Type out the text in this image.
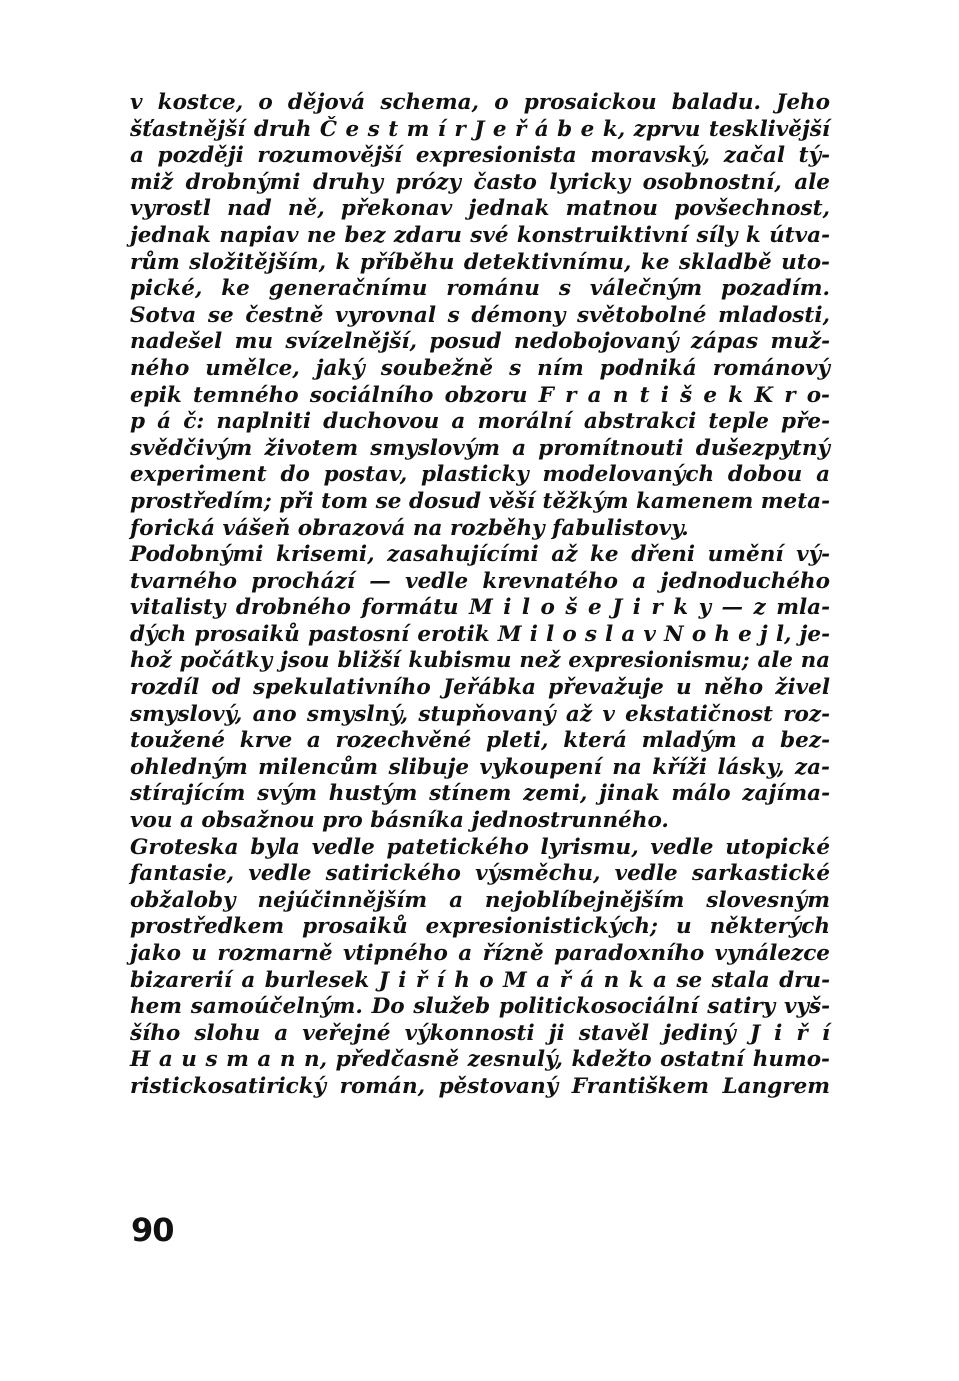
v kostce, o dějová schema, o prosaickou baladu. Jeho
šťastnější druh Č e s t m í r J e ř á b e k, zprvu tesklivější
a později rozumovější expresionista moravský, začal tý-
miž drobnými druhy prózy často lyricky osobnostní, ale
vyrostl nad ně, překonav jednak matnou povšechnost,
jednak napiav ne bez zdaru své konstruiktivní síly k útva-
rům složitějším, k příběhu detektivnímu, ke skladbě uto-
pické, ke generačnímu románu s válečným pozadím.
Sotva se čestně vyrovnal s démony světobolné mladosti,
nadešel mu svízelnější, posud nedobojovaný zápas muž-
ného umělce, jaký soubežně s ním podniká románový
epik temného sociálního obzoru F r a n t i š e k K r o-
p á č: naplniti duchovou a morální abstrakci teple pře-
svědčivým životem smyslovým a promítnouti dušezpytný
experiment do postav, plasticky modelovaných dobou a
prostředím; při tom se dosud věší těžkým kamenem meta-
forická vášeň obrazová na rozběhy fabulistovy.
Podobnými krisemi, zasahujícími až ke dřeni umění vý-
tvarného prochází — vedle krevnatého a jednoduchého
vitalisty drobného formátu M i l o š e J i r k y — z mla-
dých prosaiků pastosní erotik M i l o s l a v N o h e j l, je-
hož počátky jsou bližší kubismu než expresionismu; ale na
rozdíl od spekulativního Jeřábka převažuje u něho živel
smyslový, ano smyslný, stupňovaný až v ekstatičnost roz-
toužené krve a rozechvěné pleti, která mladým a bez-
ohledným milencům slibuje vykoupení na kříži lásky, za-
stírajícím svým hustým stínem zemi, jinak málo zajíma-
vou a obsažnou pro básníka jednostrunného.
Groteska byla vedle patetického lyrismu, vedle utopické
fantasie, vedle satirického výsměchu, vedle sarkastické
obžaloby nejúčinnějším a nejoblíbejnějším slovesným
prostředkem prosaiků expresionistických; u některých
jako u rozmarně vtipného a řízně paradoxního vynálezce
bizarerií a burlesek J i ř í h o M a ř á n k a se stala dru-
hem samoúčelným. Do služeb politickosociální satiry vyš-
šího slohu a veřejné výkonnosti ji stavěl jediný J i ř í
H a u s m a n n, předčasně zesnulý, kdežto ostatní humo-
ristickosatirický román, pěstovaný Františkem Langrem
90
